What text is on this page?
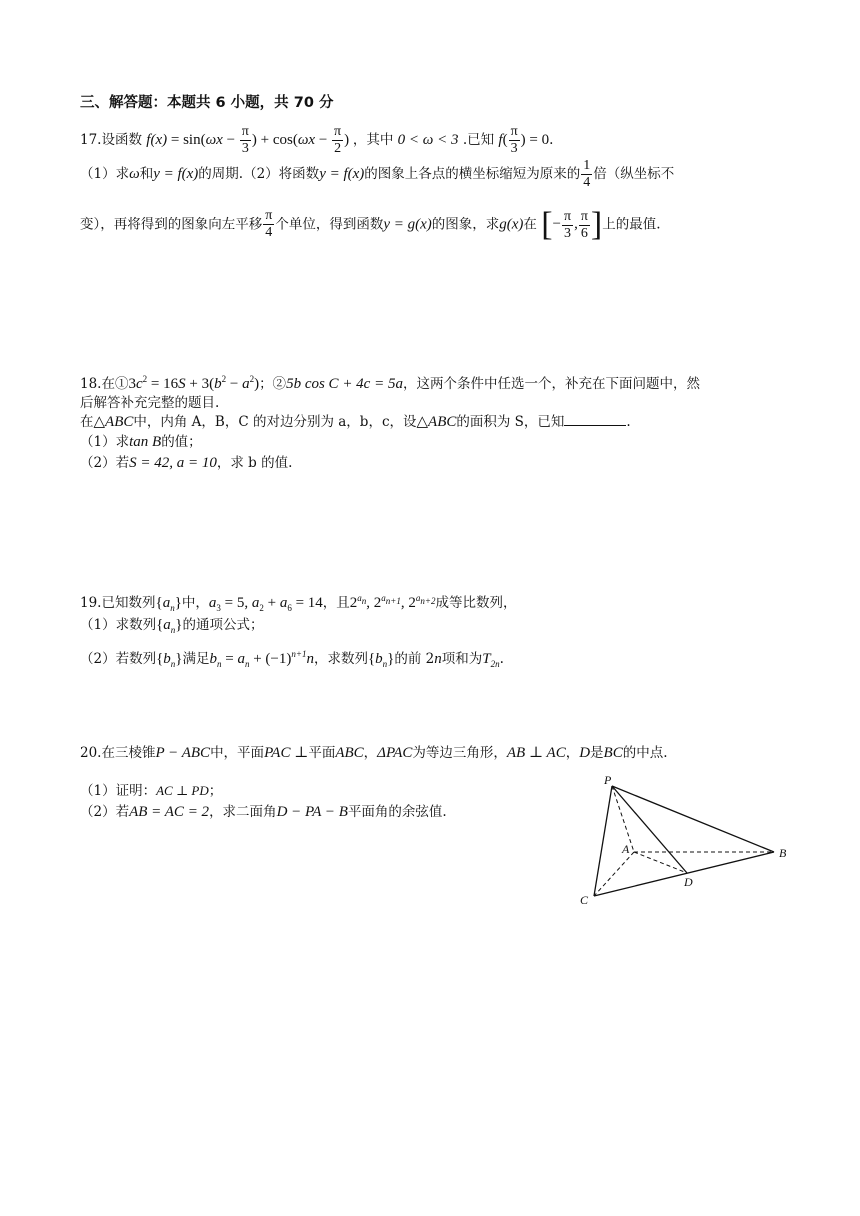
三、解答题：本题共 6 小题，共 70 分
17.设函数 $f(x) = \sin(\omega x - \frac{\pi}{3}$ ) + $\cos(\omega x - \frac{\pi}{2}$ ) ，其中 0 < ω < 3 .已知 $f( \frac{\pi}{3}$ ) = 0.
（1）求ω和y = f(x)的周期.（2）将函数y = f(x)的图象上各点的横坐标缩短为原来的 $\frac{1}{4}$ 倍（纵坐标不
变），再将得到的图象向左平移 $\frac{\pi}{4}$ 个单位，得到函数y = g(x)的图象，求g(x)在 [− $\frac{\pi}{3}$ , $\frac{\pi}{6}$ ]上的最值.
18.在$①3c^2 = 16S + 3(b^2 - a^2)$；②5b cos C + 4c = 5a，这两个条件中任选一个，补充在下面问题中，然
后解答补充完整的题目.
在△ABC中，内角 A，B，C 的对边分别为 a，b，c，设△ABC的面积为 S，已知	.
（1）求tan B的值；
（2）若S = 42, a = 10，求 b 的值.
19.已知数列$\{a_n\}$中，$a_3 = 5$, $a_2 + a_6 = 14$，且$2^{a_n}$, $2^{a_{n+1}}$, $2^{a_{n+2}}$成等比数列，
（1）求数列$\{a_n\}$的通项公式；
（2）若数列$\{b_n\}$满足$b_n = a_n + (-1)^{n+1}n$，求数列$\{b_n\}$的前 2n项和为$T_{2n}$.
20.在三棱锥P − ABC中，平面PAC ⊥平面ABC，ΔPAC为等边三角形，AB ⊥ AC，D是BC的中点.
（1）证明：AC ⊥ PD；
（2）若AB = AC = 2，求二面角D − PA − B平面角的余弦值.
P
A	B
C
D
